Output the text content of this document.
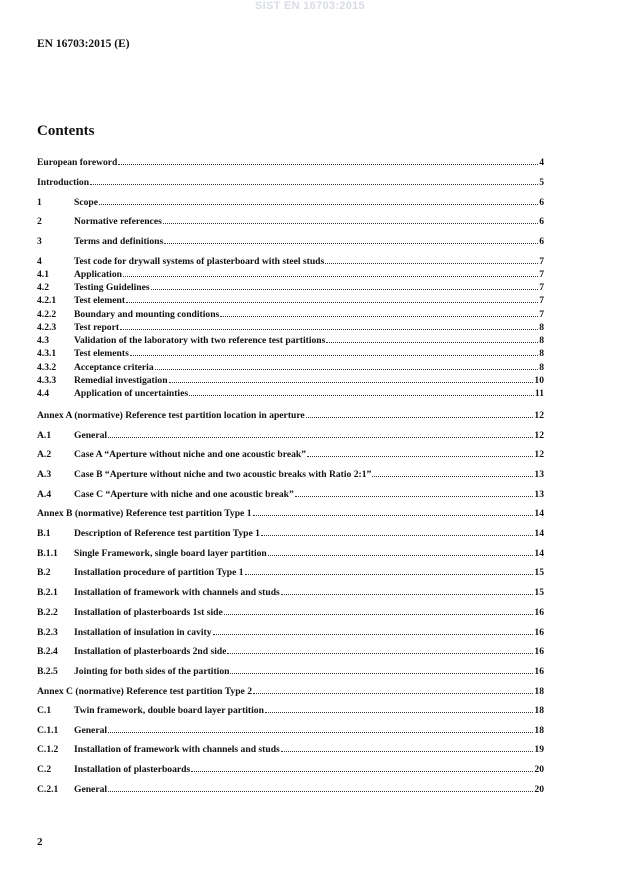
SIST EN 16703:2015
EN 16703:2015 (E)
Contents
European foreword	4
Introduction	5
1	Scope	6
2	Normative references	6
3	Terms and definitions	6
4	Test code for drywall systems of plasterboard with steel studs	7
4.1	Application	7
4.2	Testing Guidelines	7
4.2.1	Test element	7
4.2.2	Boundary and mounting conditions	7
4.2.3	Test report	8
4.3	Validation of the laboratory with two reference test partitions	8
4.3.1	Test elements	8
4.3.2	Acceptance criteria	8
4.3.3	Remedial investigation	10
4.4	Application of uncertainties	11
Annex A (normative) Reference test partition location in aperture	12
A.1	General	12
A.2	Case A “Aperture without niche and one acoustic break”	12
A.3	Case B “Aperture without niche and two acoustic breaks with Ratio 2:1”	13
A.4	Case C “Aperture with niche and one acoustic break”	13
Annex B (normative) Reference test partition Type 1	14
B.1	Description of Reference test partition Type 1	14
B.1.1	Single Framework, single board layer partition	14
B.2	Installation procedure of partition Type 1	15
B.2.1	Installation of framework with channels and studs	15
B.2.2	Installation of plasterboards 1st side	16
B.2.3	Installation of insulation in cavity	16
B.2.4	Installation of plasterboards 2nd side	16
B.2.5	Jointing for both sides of the partition	16
Annex C (normative) Reference test partition Type 2	18
C.1	Twin framework, double board layer partition	18
C.1.1	General	18
C.1.2	Installation of framework with channels and studs	19
C.2	Installation of plasterboards	20
C.2.1	General	20
2
